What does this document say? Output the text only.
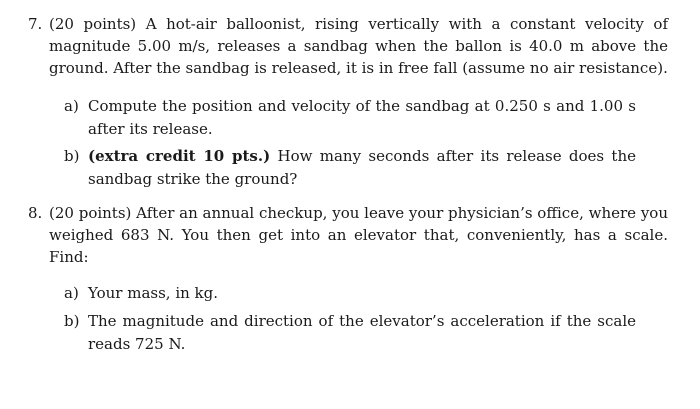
7. (20 points) A hot-air balloonist, rising vertically with a constant velocity of magnitude 5.00 m/s, releases a sandbag when the ballon is 40.0 m above the ground. After the sandbag is released, it is in free fall (assume no air resistance).
a) Compute the position and velocity of the sandbag at 0.250 s and 1.00 s after its release.
b) (extra credit 10 pts.) How many seconds after its release does the sandbag strike the ground?
8. (20 points) After an annual checkup, you leave your physician’s office, where you weighed 683 N. You then get into an elevator that, conveniently, has a scale. Find:
a) Your mass, in kg.
b) The magnitude and direction of the elevator’s acceleration if the scale reads 725 N.
